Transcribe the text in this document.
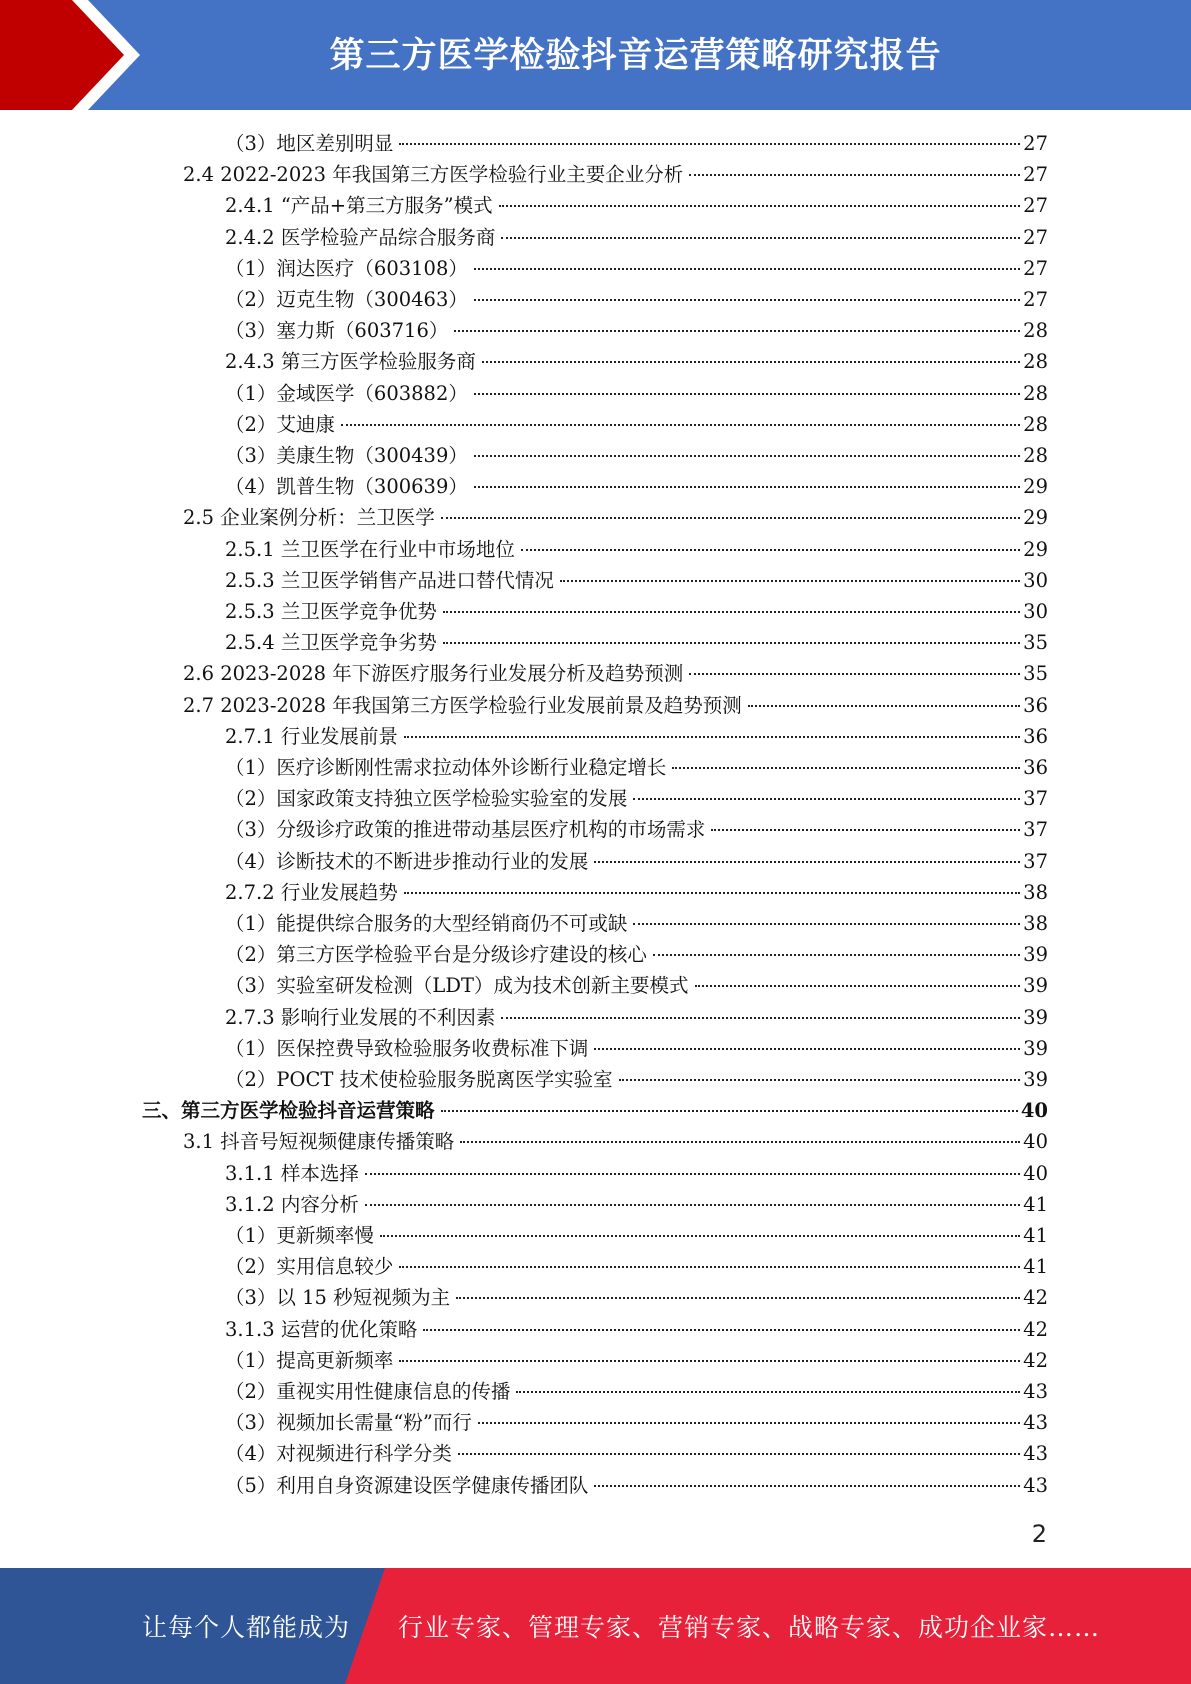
第三方医学检验抖音运营策略研究报告
（3）地区差别明显	27
2.4 2022-2023 年我国第三方医学检验行业主要企业分析	27
2.4.1 “产品+第三方服务”模式	27
2.4.2 医学检验产品综合服务商	27
（1）润达医疗（603108）	27
（2）迈克生物（300463）	27
（3）塞力斯（603716）	28
2.4.3 第三方医学检验服务商	28
（1）金域医学（603882）	28
（2）艾迪康	28
（3）美康生物（300439）	28
（4）凯普生物（300639）	29
2.5 企业案例分析：兰卫医学	29
2.5.1 兰卫医学在行业中市场地位	29
2.5.3 兰卫医学销售产品进口替代情况	30
2.5.3 兰卫医学竞争优势	30
2.5.4 兰卫医学竞争劣势	35
2.6 2023-2028 年下游医疗服务行业发展分析及趋势预测	35
2.7 2023-2028 年我国第三方医学检验行业发展前景及趋势预测	36
2.7.1 行业发展前景	36
（1）医疗诊断刚性需求拉动体外诊断行业稳定增长	36
（2）国家政策支持独立医学检验实验室的发展	37
（3）分级诊疗政策的推进带动基层医疗机构的市场需求	37
（4）诊断技术的不断进步推动行业的发展	37
2.7.2 行业发展趋势	38
（1）能提供综合服务的大型经销商仍不可或缺	38
（2）第三方医学检验平台是分级诊疗建设的核心	39
（3）实验室研发检测（LDT）成为技术创新主要模式	39
2.7.3 影响行业发展的不利因素	39
（1）医保控费导致检验服务收费标准下调	39
（2）POCT 技术使检验服务脱离医学实验室	39
三、第三方医学检验抖音运营策略	40
3.1 抖音号短视频健康传播策略	40
3.1.1 样本选择	40
3.1.2 内容分析	41
（1）更新频率慢	41
（2）实用信息较少	41
（3）以 15 秒短视频为主	42
3.1.3 运营的优化策略	42
（1）提高更新频率	42
（2）重视实用性健康信息的传播	43
（3）视频加长需量“粉”而行	43
（4）对视频进行科学分类	43
（5）利用自身资源建设医学健康传播团队	43
2
让每个人都能成为 行业专家、管理专家、营销专家、战略专家、成功企业家……
